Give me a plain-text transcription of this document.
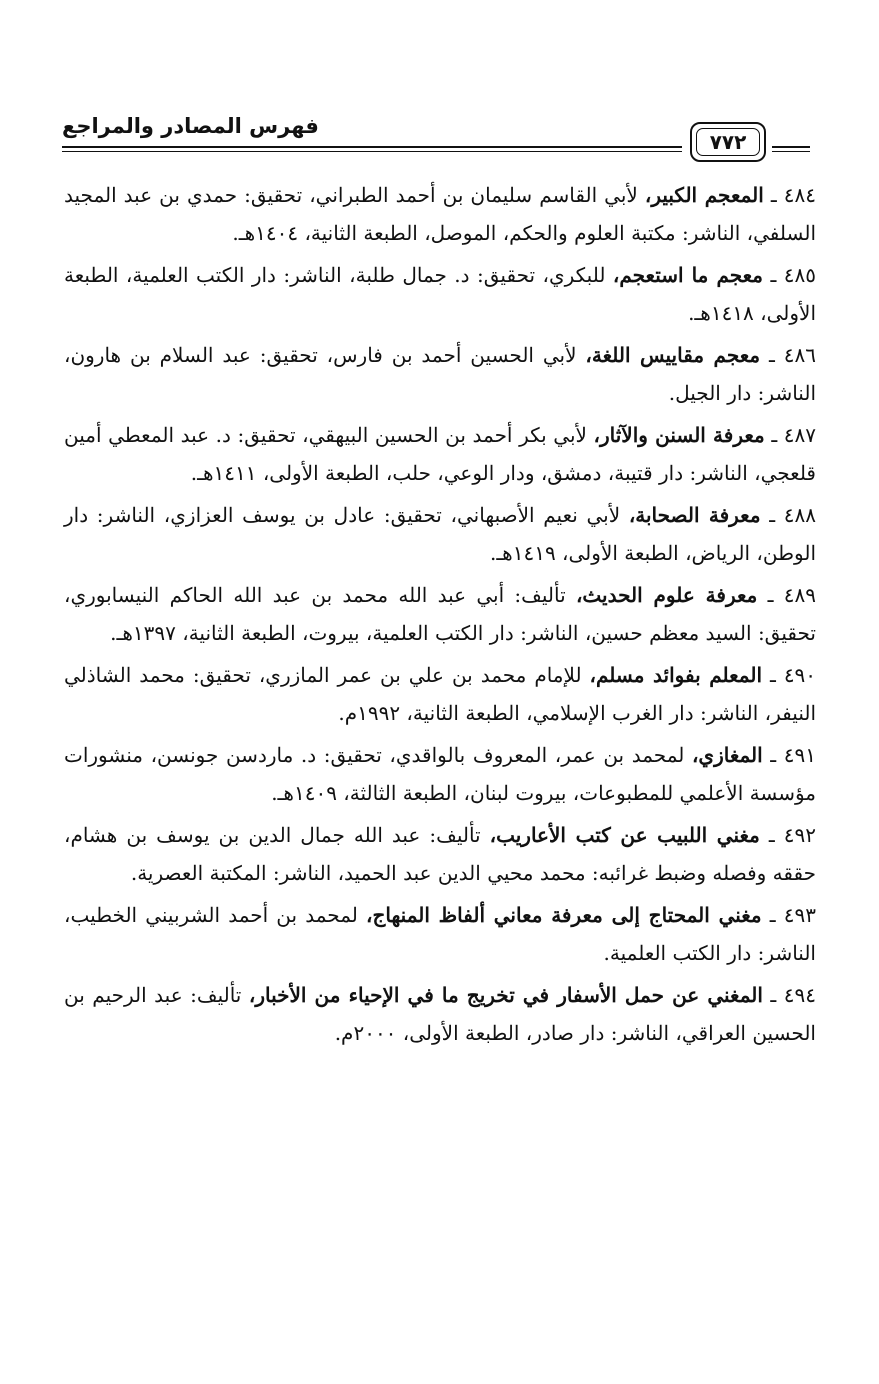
فهرس المصادر والمراجع
٧٧٢
٤٨٤ ـ المعجم الكبير، لأبي القاسم سليمان بن أحمد الطبراني، تحقيق: حمدي بن عبد المجيد السلفي، الناشر: مكتبة العلوم والحكم، الموصل، الطبعة الثانية، ١٤٠٤هـ.
٤٨٥ ـ معجم ما استعجم، للبكري، تحقيق: د. جمال طلبة، الناشر: دار الكتب العلمية، الطبعة الأولى، ١٤١٨هـ.
٤٨٦ ـ معجم مقاييس اللغة، لأبي الحسين أحمد بن فارس، تحقيق: عبد السلام بن هارون، الناشر: دار الجيل.
٤٨٧ ـ معرفة السنن والآثار، لأبي بكر أحمد بن الحسين البيهقي، تحقيق: د. عبد المعطي أمين قلعجي، الناشر: دار قتيبة، دمشق، ودار الوعي، حلب، الطبعة الأولى، ١٤١١هـ.
٤٨٨ ـ معرفة الصحابة، لأبي نعيم الأصبهاني، تحقيق: عادل بن يوسف العزازي، الناشر: دار الوطن، الرياض، الطبعة الأولى، ١٤١٩هـ.
٤٨٩ ـ معرفة علوم الحديث، تأليف: أبي عبد الله محمد بن عبد الله الحاكم النيسابوري، تحقيق: السيد معظم حسين، الناشر: دار الكتب العلمية، بيروت، الطبعة الثانية، ١٣٩٧هـ.
٤٩٠ ـ المعلم بفوائد مسلم، للإمام محمد بن علي بن عمر المازري، تحقيق: محمد الشاذلي النيفر، الناشر: دار الغرب الإسلامي، الطبعة الثانية، ١٩٩٢م.
٤٩١ ـ المغازي، لمحمد بن عمر، المعروف بالواقدي، تحقيق: د. ماردسن جونسن، منشورات مؤسسة الأعلمي للمطبوعات، بيروت لبنان، الطبعة الثالثة، ١٤٠٩هـ.
٤٩٢ ـ مغني اللبيب عن كتب الأعاريب، تأليف: عبد الله جمال الدين بن يوسف بن هشام، حققه وفصله وضبط غرائبه: محمد محيي الدين عبد الحميد، الناشر: المكتبة العصرية.
٤٩٣ ـ مغني المحتاج إلى معرفة معاني ألفاظ المنهاج، لمحمد بن أحمد الشربيني الخطيب، الناشر: دار الكتب العلمية.
٤٩٤ ـ المغني عن حمل الأسفار في تخريج ما في الإحياء من الأخبار، تأليف: عبد الرحيم بن الحسين العراقي، الناشر: دار صادر، الطبعة الأولى، ٢٠٠٠م.
